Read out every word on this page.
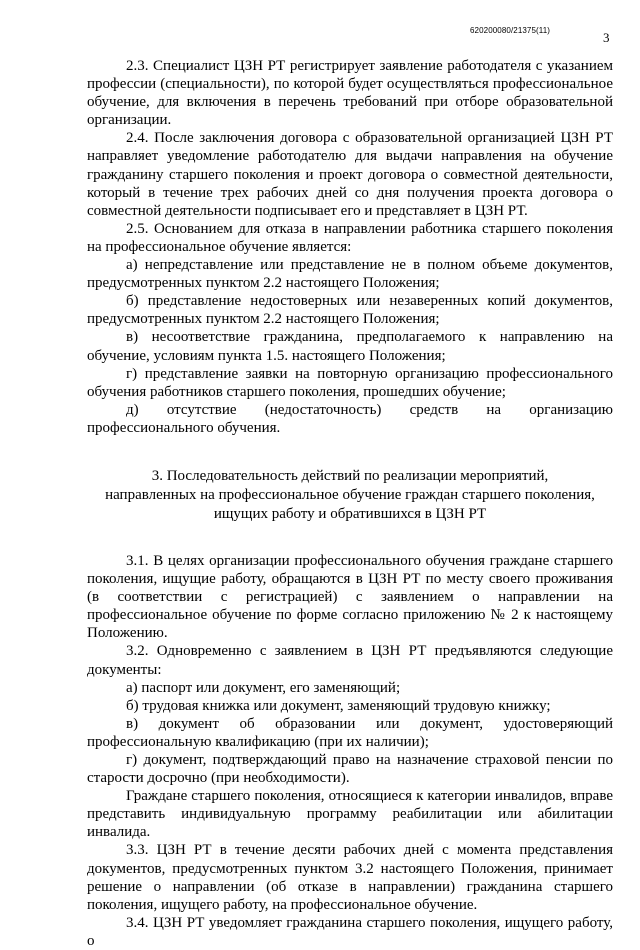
620200080/21375(11)	3

2.3. Специалист ЦЗН РТ регистрирует заявление работодателя с указанием профессии (специальности), по которой будет осуществляться профессиональное обучение, для включения в перечень требований при отборе образовательной организации.

2.4. После заключения договора с образовательной организацией ЦЗН РТ направляет уведомление работодателю для выдачи направления на обучение гражданину старшего поколения и проект договора о совместной деятельности, который в течение трех рабочих дней со дня получения проекта договора о совместной деятельности подписывает его и представляет в ЦЗН РТ.

2.5. Основанием для отказа в направлении работника старшего поколения на профессиональное обучение является:

а) непредставление или представление не в полном объеме документов, предусмотренных пунктом 2.2 настоящего Положения;

б) представление недостоверных или незаверенных копий документов, предусмотренных пунктом 2.2 настоящего Положения;

в) несоответствие гражданина, предполагаемого к направлению на обучение, условиям пункта 1.5. настоящего Положения;

г) представление заявки на повторную организацию профессионального обучения работников старшего поколения, прошедших обучение;

д) отсутствие (недостаточность) средств на организацию профессионального обучения.

3. Последовательность действий по реализации мероприятий,
направленных на профессиональное обучение граждан старшего поколения,
ищущих работу и обратившихся в ЦЗН РТ

3.1. В целях организации профессионального обучения граждане старшего поколения, ищущие работу, обращаются в ЦЗН РТ по месту своего проживания (в соответствии с регистрацией) с заявлением о направлении на профессиональное обучение по форме согласно приложению № 2 к настоящему Положению.

3.2. Одновременно с заявлением в ЦЗН РТ предъявляются следующие документы:

а) паспорт или документ, его заменяющий;

б) трудовая книжка или документ, заменяющий трудовую книжку;

в) документ об образовании или документ, удостоверяющий профессиональную квалификацию (при их наличии);

г) документ, подтверждающий право на назначение страховой пенсии по старости досрочно (при необходимости).

Граждане старшего поколения, относящиеся к категории инвалидов, вправе представить индивидуальную программу реабилитации или абилитации инвалида.

3.3. ЦЗН РТ в течение десяти рабочих дней с момента представления документов, предусмотренных пунктом 3.2 настоящего Положения, принимает решение о направлении (об отказе в направлении) гражданина старшего поколения, ищущего работу, на профессиональное обучение.

3.4. ЦЗН РТ уведомляет гражданина старшего поколения, ищущего работу, о
